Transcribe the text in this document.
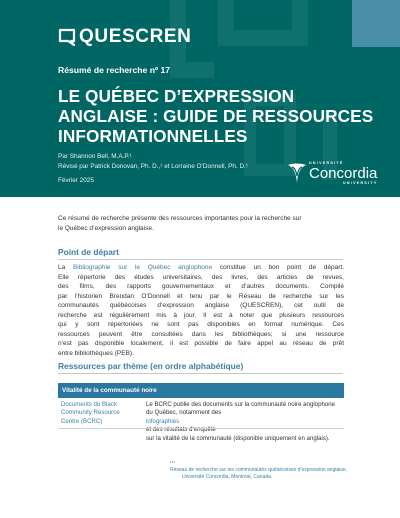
QUESCREN
Résumé de recherche nº 17
LE QUÉBEC D’EXPRESSION
ANGLAISE : GUIDE DE RESSOURCES
INFORMATIONNELLES
Par Shannon Bell, M.A.P.¹
Révisé par Patrick Donovan, Ph. D.,¹ et Lorraine O’Donnell, Ph. D.¹
Février 2025
UNIVERSITÉ
Concordia
UNIVERSITY
Ce résumé de recherche présente des ressources importantes pour la recherche sur
le Québec d’expression anglaise.
Point de départ
La Bibliographie sur le Québec anglophone constitue un bon point de départ.
Elle répertorie des études universitaires, des livres, des articles de revues,
des films, des rapports gouvernementaux et d’autres documents. Compilé
par l’historien Brendan O’Donnell et tenu par le Réseau de recherche sur les
communautés québécoises d’expression anglaise (QUESCREN), cet outil de
recherche est régulièrement mis à jour. Il est à noter que plusieurs ressources
qui y sont répertoriées ne sont pas disponibles en format numérique. Ces
ressources peuvent être consultées dans les bibliothèques; si une ressource
n’est pas disponible localement, il est possible de faire appel au réseau de prêt
entre bibliothèques (PEB).
Ressources par thème (en ordre alphabétique)
Vitalité de la communauté noire
Documents du Black
Community Resource
Centre (BCRC)
Le BCRC publie des documents sur la communauté noire anglophone
du Québec, notamment des
infographies
et des résultats d’enquête
sur la vitalité de la communauté (disponible uniquement en anglais).
¹¹¹
Réseau de recherche sur les communautés québécoises d’expression anglaise,
Université Concordia, Montréal, Canada.
